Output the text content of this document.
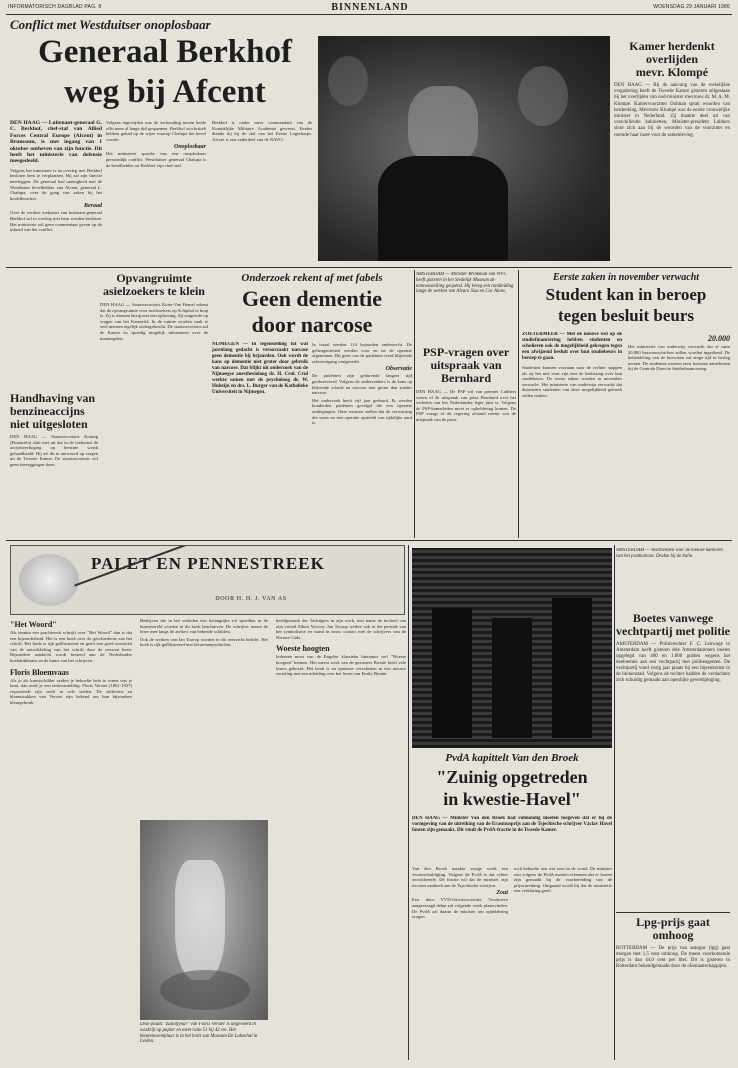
INFORMATORISCH DAGBLAD PAG. 8	BINNENLAND	WOENSDAG 29 JANUARI 1986
Conflict met Westduitser onoplosbaar
Generaal Berkhof
weg bij Afcent
DEN HAAG — Luitenant-generaal G. C. Berkhof, chef-staf van Allied Forces Central Europe (Afcent) in Brunssum, is met ingang van 1 oktober ontheven van zijn functie. Dit heeft het ministerie van defensie meegedeeld.
Volgens het ministerie is na overleg met Berkhof besloten hem te verplaatsen. Hij zal zijn functie neerleggen. De generaal had onenigheid met de Westduitse bevelhebber van Afcent, generaal L. Chalupa, over de gang van zaken bij het hoofdkwartier.
Beraad
Over de verdere toekomst van luitenant-generaal Berkhof zal in overleg met hem worden besloten. Het ministerie wil geen commentaar geven op de inhoud van het conflict.
Volgens ingewijden was de verhouding tussen beide officieren al lange tijd gespannen. Berkhof zou kritiek hebben gehad op de wijze waarop Chalupa het bevel voerde.
Onoplosbaar
Het ministerie spreekt van een onoplosbaar persoonlijk conflict. Westduitser generaal Chalupa is de bevelhebber en Berkhof zijn chef-staf.
Berkhof is onder meer commandant van de Koninklijke Militaire Academie geweest. Eerder diende hij bij de staf van het Eerste Legerkorps. Afcent is een onderdeel van de NAVO.
Kamer herdenkt
overlijden
mevr. Klompé
DEN HAAG — Bij de aanvang van de wekelijkse vergadering heeft de Tweede Kamer gisteren stilgestaan bij het overlijden van oud-minister mevrouw dr. M. A. M. Klompé. Kamervoorzitter Dolman sprak woorden van herdenking. Mevrouw Klompé was de eerste vrouwelijke minister in Nederland. Zij maakte deel uit van verschillende kabinetten. Minister-president Lubbers sloot zich aan bij de woorden van de voorzitter en roemde haar inzet voor de samenleving.
Opvangruimte asielzoekers te klein
DEN HAAG — Staatssecretaris Korte-Van Hemel erkent dat de opvangruimte voor asielzoekers op Schiphol te krap is. Zij is daarom bezig met een oplossing. Zij reageerde op vragen van het Kamerlid. In de ruimte worden vaak te veel mensen tegelijk ondergebracht. De staatssecretaris zal de Kamer zo spoedig mogelijk informeren over de maatregelen.
Handhaving van benzineaccijns niet uitgesloten
DEN HAAG — Staatssecretaris Koning (Financiën) sluit niet uit dat in de toekomst de accijnsverhoging op benzine wordt gehandhaafd. Hij zei dit in antwoord op vragen uit de Tweede Kamer. De staatssecretaris wil geen toezeggingen doen.
Onderzoek rekent af met fabels
Geen dementie
door narcose
NIJMEGEN — In tegenstelling tot wat jarenlang gedacht is veroorzaakt narcose geen dementie bij bejaarden. Ook wordt de kans op dementie niet groter door gebruik van narcose. Dat blijkt uit onderzoek van de Nijmeegse anesthesioloog dr. H. Crul. Crul werkte samen met de psycholoog dr. W. Hulstijn en drs. L. Burger van de Katholieke Universiteit in Nijmegen.
In totaal werden 114 bejaarden onderzocht. De geheugentesten werden voor en na de operatie afgenomen. Bij geen van de patiënten werd blijvende achteruitgang vastgesteld.
Observatie
De patiënten zijn gedurende langere tijd geobserveerd. Volgens de onderzoekers is de kans op blijvende schade na narcose niet groter dan zonder narcose.
Het onderzoek heeft vijf jaar geduurd. Er werden honderden patiënten gevolgd die een operatie ondergingen. Onze mensen stellen dat de verwarring die soms na een operatie optreedt van tijdelijke aard is.
AMSTERDAM — Minister Brinkman van WVC heeft gisteren in het Stedelijk Museum de tentoonstelling geopend. Hij kreeg een rondleiding langs de werken van Alvaro Siza en Cor Alons.
PSP-vragen over uitspraak van Bernhard
DEN HAAG — De PSP wil van premier Lubbers weten of de uitspraak van prins Bernhard over het verleden van het Nederlandse leger juist is. Volgens de PSP-kamerleden moet er opheldering komen. De PSP vraagt of de regering afstand neemt van de uitspraak van de prins.
Eerste zaken in november verwacht
Student kan in beroep
tegen besluit beurs
ZOETERMEER — Met de nieuwe wet op de studiefinanciering hebben studenten en scholieren ook de mogelijkheid gekregen tegen een afwijzend besluit over hun studiebeurs in beroep te gaan.
Studenten kunnen voortaan naar de rechter stappen als zij het niet eens zijn met de beslissing over hun studiebeurs. De eerste zaken worden in november verwacht. Het ministerie van onderwijs verwacht dat duizenden studenten van deze mogelijkheid gebruik zullen maken.
20.000
Het ministerie van onderwijs verwacht dat er ruim 20.000 bezwaarschriften zullen worden ingediend. De behandeling van de bezwaren zal enige tijd in beslag nemen. De studenten moeten eerst bezwaar aantekenen bij de Centrale Directie Studiefinanciering.
PALET EN PENNESTREEK
DOOR H. H. J. VAN AS
"Het Woord"
Als tenmin een prachtwerk schrijft over "Het Woord" dan is dat een bijzonderheid. Het is een boek over de geschiedenis van het schrift. Het boek is rijk geïllustreerd en geeft een goed overzicht van de ontwikkeling van het schrift door de eeuwen heen. Bijzondere aandacht wordt besteed aan de Nederlandse boekdrukkunst en de kunst van het schrijven.
Floris Bloemvaas
Als je als kunstschilder zeiden je behoefte hebt te tonen wat je kunt, dan zoek je een tentoonstelling. Floris Verster (1861-1927) exposeerde zijn werk in vele steden. De stillevens en bloemstukken van Verster zijn bekend om hun bijzondere kleurgebruik.
Bedrijven die in het verleden een belangrijke rol speelden in de kunstwereld worden in dit boek beschreven. De schrijver neemt de lezer mee langs de ateliers van bekende schilders.
Ook de werken van Jan Toorop worden in dit overzicht belicht. Het boek is rijk geïllustreerd met kleurenreproducties.
Deze plaats "Zuiniflynar" van Floris Verster is uitgevoerd in waskrijt op papier en meet ruim 51 bij 42 cm. Het kleurenexemplaar is in het bezit van Museum De Lakenhal in Leiden.
heeldposaark der Tachtigers in zijn werk, met name de invloed van zijn vriend Albert Verwey. Jan Toorop werkte ook in die periode van het symbolisme en stond in nauw contact met de schrijvers van de Nieuwe Gids.
Woeste hoogten
Iedereen moet van de Engelse klassieke literatuur wel "Woeste hoogten" kennen. Het meest werk van de gezusters Brontë heeft vele lezers geboeid. Het boek is nu opnieuw verschenen in een nieuwe vertaling met een inleiding over het leven van Emily Brontë.
AMSTERDAM — Wachtenden voor de nieuwe kantoren van het postkantoor. Drukte bij de balie.
Boetes vanwege vechtpartij met politie
AMSTERDAM — Politierechter F. C. Lenwage in Amsterdam heeft gisteren drie Amsterdammers boetes opgelegd van 400 en 1.000 gulden wegens het deelnemen aan een vechtpartij met politieagenten. De vechtpartij vond vorig jaar plaats bij een bijeenkomst in de binnenstad. Volgens de rechter hadden de verdachten zich schuldig gemaakt aan openlijke geweldpleging.
PvdA kapittelt Van den Broek
"Zuinig opgetreden
in kwestie-Havel"
DEN HAAG — Minister Van den Broek had volmondig moeten toegeven dat er bij de vormgeving van de uitreiking van de Erasmusprijs aan de Tsjechische schrijver Václav Havel fouten zijn gemaakt. Dit vindt de PvdA-fractie in de Tweede Kamer.
Van den Broek maakte vorige week een verontschuldiging. Volgens de PvdA is dat echter onvoldoende. De fractie wil dat de minister zijn excuses aanbiedt aan de Tsjechische schrijver.
Zout
Een door VVD-fractievoorzitter Voorhoeve aangevraagd debat zal volgende week plaatsvinden. De PvdA zal daarin de minister om opheldering vragen.
toch behoefte aan wat zout in de wond. De minister zou volgens de PvdA moeten erkennen dat er fouten zijn gemaakt bij de voorbereiding van de prijsuitreiking. Omgaand wordt hij dat de ministerie een verklaring geeft.
Lpg-prijs gaat omhoog
ROTTERDAM — De prijs van autogas (lpg) gaat morgen met 1,5 cent omhoog. De meest voorkomende prijs is dan 44,0 cent per liter. Dit is gisteren in Rotterdam bekendgemaakt door de oliemaatschappijen.
